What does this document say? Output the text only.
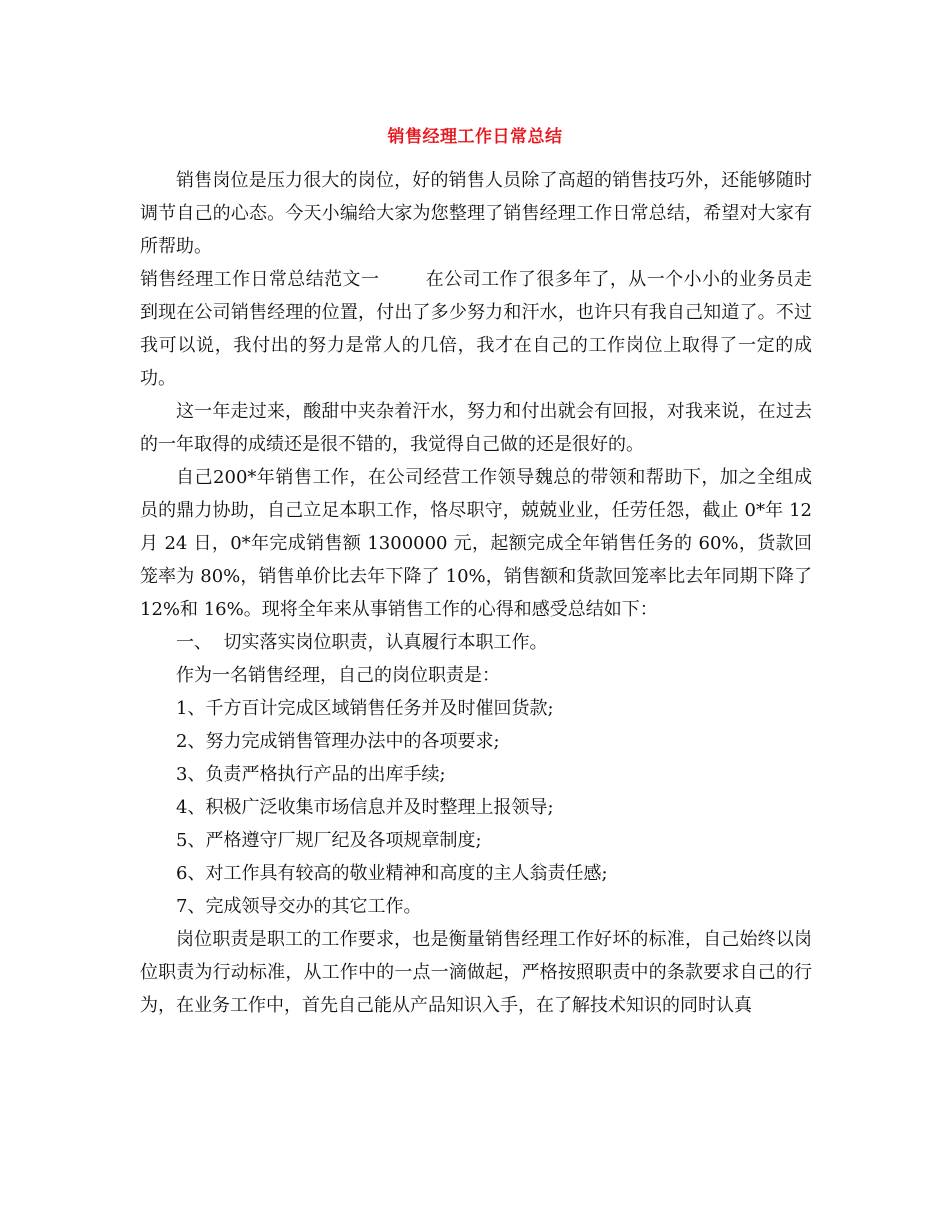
销售经理工作日常总结

销售岗位是压力很大的岗位，好的销售人员除了高超的销售技巧外，还能够随时调节自己的心态。今天小编给大家为您整理了销售经理工作日常总结，希望对大家有所帮助。

销售经理工作日常总结范文一	在公司工作了很多年了，从一个小小的业务员走到现在公司销售经理的位置，付出了多少努力和汗水，也许只有我自己知道了。不过我可以说，我付出的努力是常人的几倍，我才在自己的工作岗位上取得了一定的成功。

这一年走过来，酸甜中夹杂着汗水，努力和付出就会有回报，对我来说，在过去的一年取得的成绩还是很不错的，我觉得自己做的还是很好的。

自己200*年销售工作，在公司经营工作领导魏总的带领和帮助下，加之全组成员的鼎力协助，自己立足本职工作，恪尽职守，兢兢业业，任劳任怨，截止 0*年 12 月 24 日，0*年完成销售额 1300000 元，起额完成全年销售任务的 60%，货款回笼率为 80%，销售单价比去年下降了 10%，销售额和货款回笼率比去年同期下降了 12%和 16%。现将全年来从事销售工作的心得和感受总结如下：

一、  切实落实岗位职责，认真履行本职工作。

作为一名销售经理，自己的岗位职责是：

1、千方百计完成区域销售任务并及时催回货款;

2、努力完成销售管理办法中的各项要求;

3、负责严格执行产品的出库手续;

4、积极广泛收集市场信息并及时整理上报领导;

5、严格遵守厂规厂纪及各项规章制度;

6、对工作具有较高的敬业精神和高度的主人翁责任感;

7、完成领导交办的其它工作。

岗位职责是职工的工作要求，也是衡量销售经理工作好坏的标准，自己始终以岗位职责为行动标准，从工作中的一点一滴做起，严格按照职责中的条款要求自己的行为，在业务工作中，首先自己能从产品知识入手，在了解技术知识的同时认真
